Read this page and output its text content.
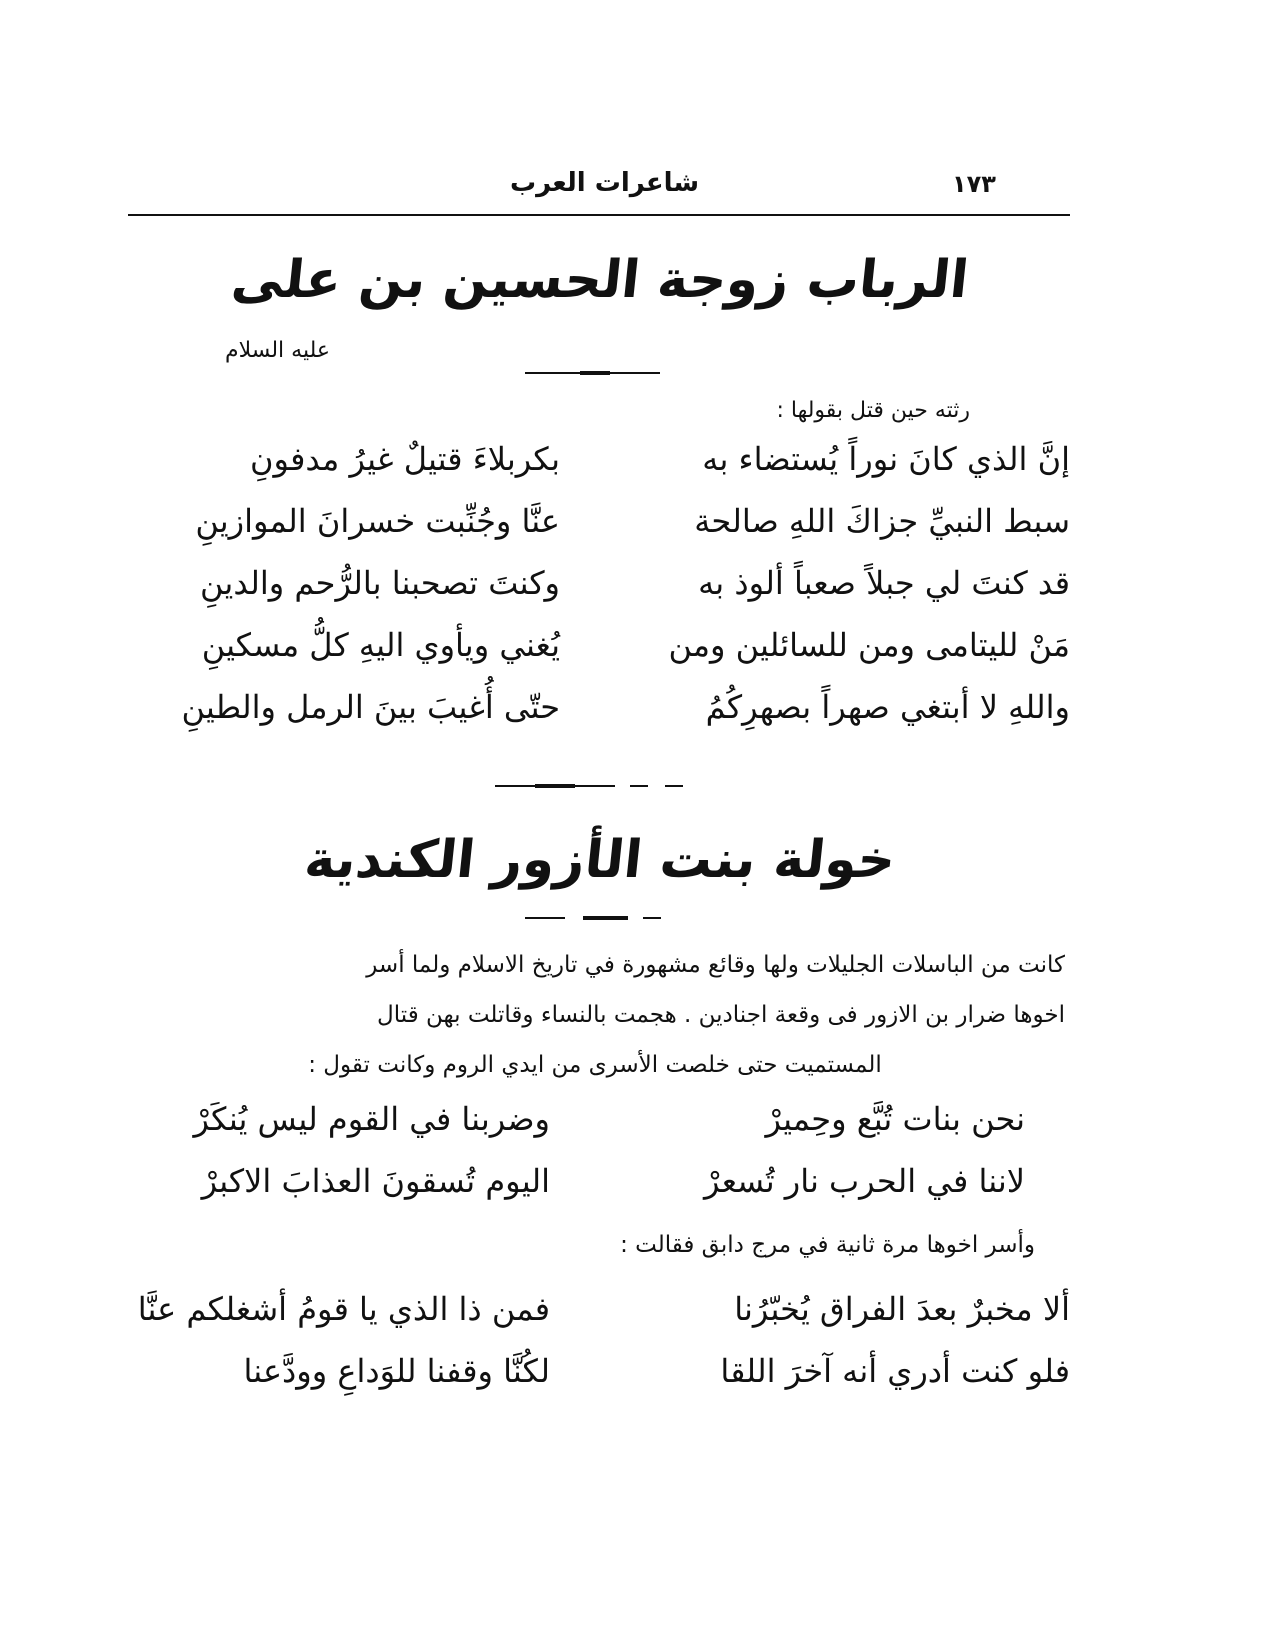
١٧٣
شاعرات العرب
الرباب زوجة الحسين بن على
عليه السلام
رثته حين قتل بقولها :
إنَّ الذي كانَ نوراً يُستضاء به
بكربلاءَ قتيلٌ غيرُ مدفونِ
سبط النبيِّ جزاكَ اللهِ صالحة
عنَّا وجُنِّبت خسرانَ الموازينِ
قد كنتَ لي جبلاً صعباً ألوذ به
وكنتَ تصحبنا بالرُّحم والدينِ
مَنْ لليتامى ومن للسائلين ومن
يُغني ويأوي اليهِ كلُّ مسكينِ
واللهِ لا أبتغي صهراً بصهرِكُمُ
حتّى أُغيبَ بينَ الرمل والطينِ
خولة بنت الأزور الكندية
كانت من الباسلات الجليلات ولها وقائع مشهورة في تاريخ الاسلام ولما أسر
اخوها ضرار بن الازور فى وقعة اجنادين . هجمت بالنساء وقاتلت بهن قتال
المستميت حتى خلصت الأسرى من ايدي الروم وكانت تقول :
نحن بنات تُبَّع وحِميرْ
وضربنا في القوم ليس يُنكَرْ
لاننا في الحرب نار تُسعرْ
اليوم تُسقونَ العذابَ الاكبرْ
وأسر اخوها مرة ثانية في مرج دابق فقالت :
ألا مخبرٌ بعدَ الفراق يُخبّرُنا
فمن ذا الذي يا قومُ أشغلكم عنَّا
فلو كنت أدري أنه آخرَ اللقا
لكُنَّا وقفنا للوَداعِ وودَّعنا
